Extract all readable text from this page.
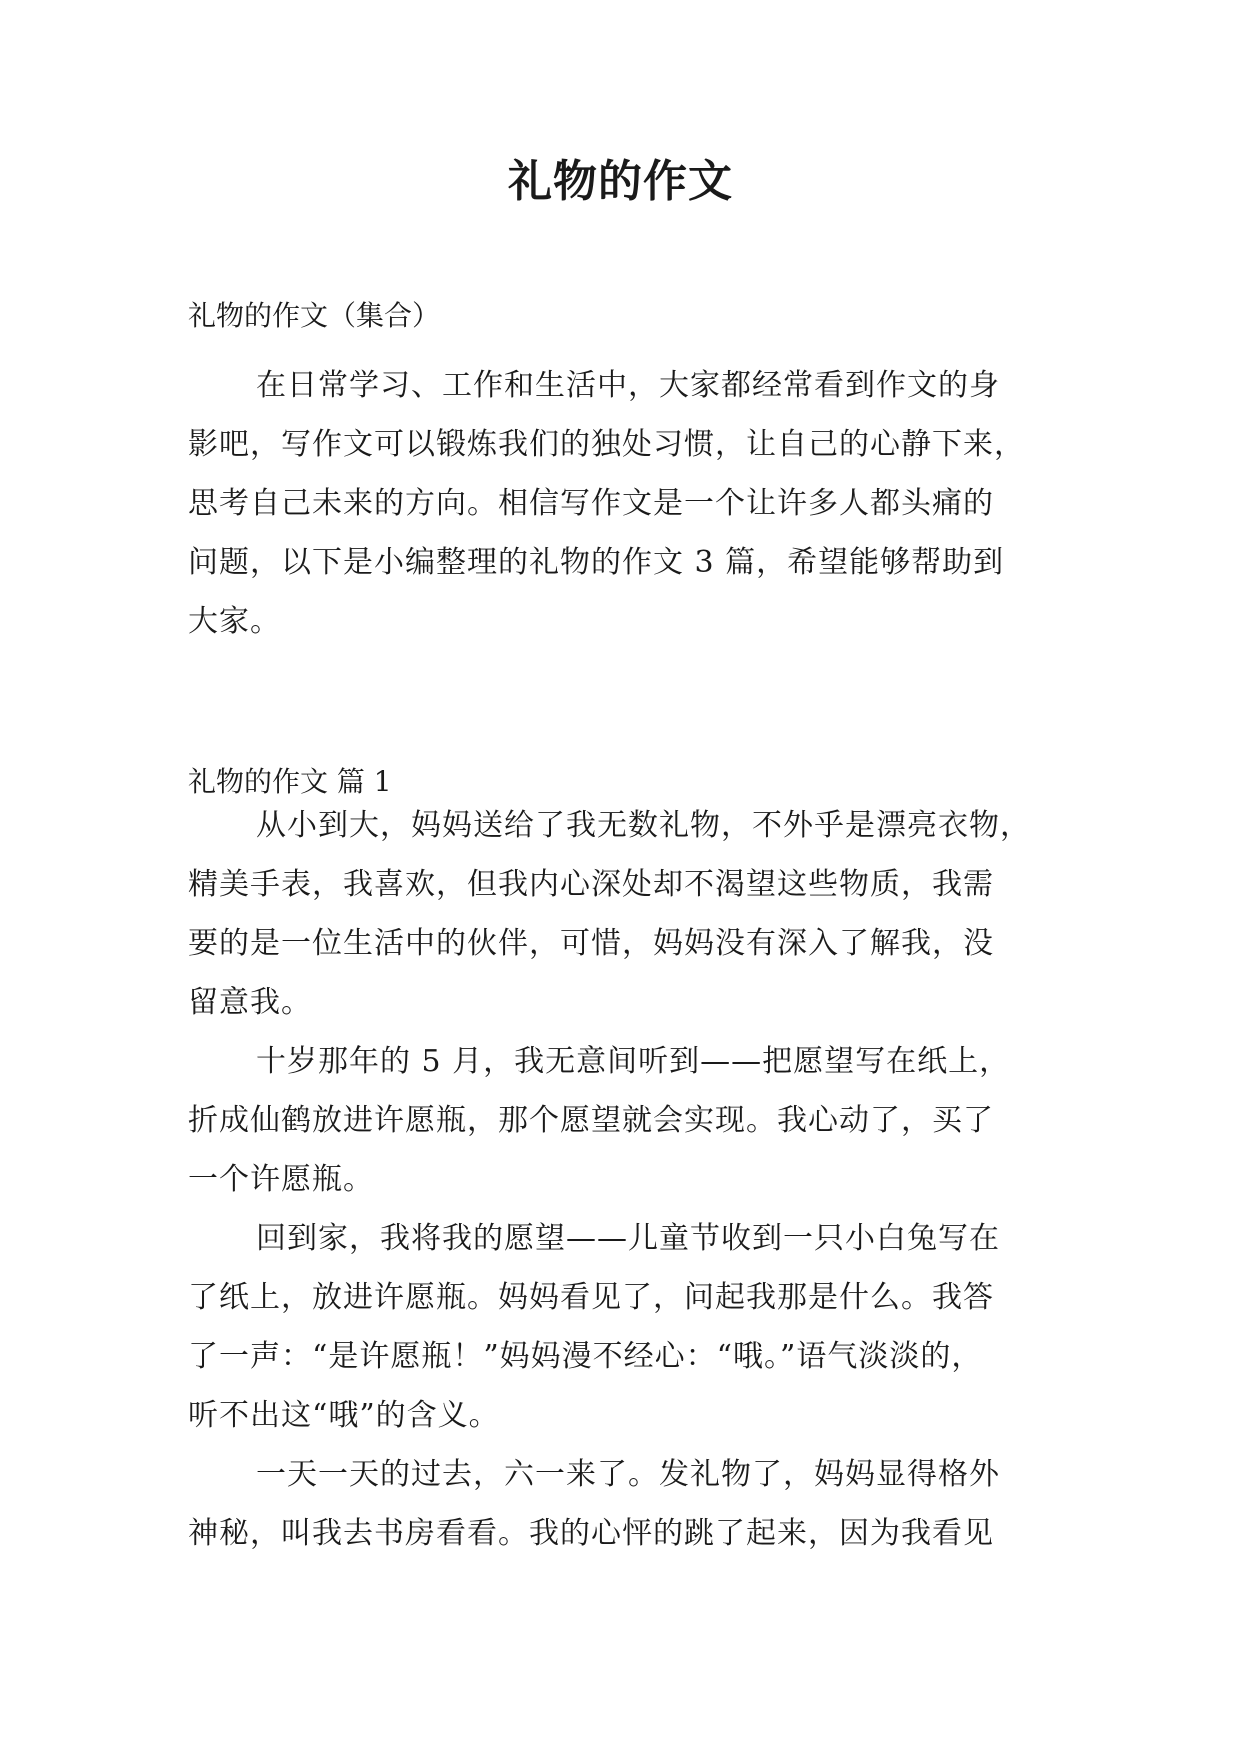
礼物的作文
礼物的作文（集合）
在日常学习、工作和生活中，大家都经常看到作文的身
影吧，写作文可以锻炼我们的独处习惯，让自己的心静下来，
思考自己未来的方向。相信写作文是一个让许多人都头痛的
问题，以下是小编整理的礼物的作文 3 篇，希望能够帮助到
大家。
礼物的作文 篇 1
从小到大，妈妈送给了我无数礼物，不外乎是漂亮衣物，
精美手表，我喜欢，但我内心深处却不渴望这些物质，我需
要的是一位生活中的伙伴，可惜，妈妈没有深入了解我，没
留意我。
十岁那年的 5 月，我无意间听到——把愿望写在纸上，
折成仙鹤放进许愿瓶，那个愿望就会实现。我心动了，买了
一个许愿瓶。
回到家，我将我的愿望——儿童节收到一只小白兔写在
了纸上，放进许愿瓶。妈妈看见了，问起我那是什么。我答
了一声：“是许愿瓶！”妈妈漫不经心：“哦。”语气淡淡的，
听不出这“哦”的含义。
一天一天的过去，六一来了。发礼物了，妈妈显得格外
神秘，叫我去书房看看。我的心怦的跳了起来，因为我看见
